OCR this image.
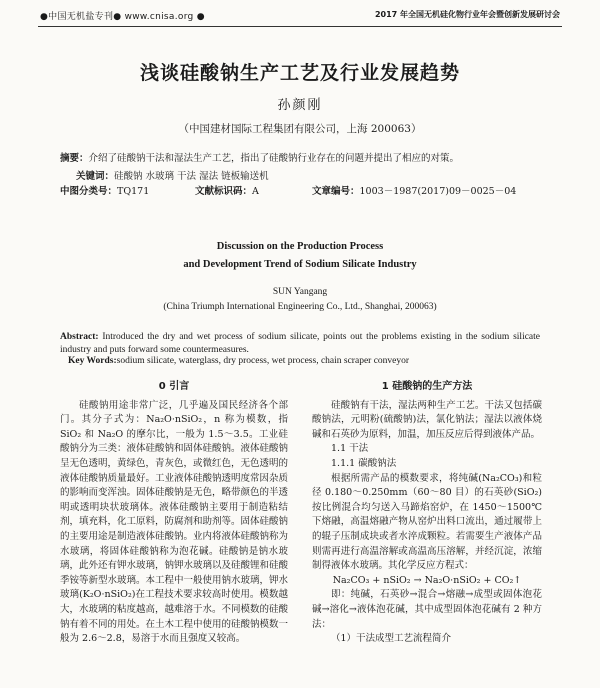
●中国无机盐专刊● www.cnisa.org ●	2017 年全国无机硅化物行业年会暨创新发展研讨会
浅谈硅酸钠生产工艺及行业发展趋势
孙颜刚
（中国建材国际工程集团有限公司，上海 200063）
摘要：介绍了硅酸钠干法和湿法生产工艺，指出了硅酸钠行业存在的问题并提出了相应的对策。
关键词：硅酸钠 水玻璃 干法 湿法 链板输送机
中图分类号：TQ171	文献标识码：A	文章编号：1003－1987(2017)09－0025－04
Discussion on the Production Process
and Development Trend of Sodium Silicate Industry
SUN Yangang
(China Triumph International Engineering Co., Ltd., Shanghai, 200063)
Abstract: Introduced the dry and wet process of sodium silicate, points out the problems existing in the sodium silicate industry and puts forward some countermeasures.
Key Words:sodium silicate, waterglass, dry process, wet process, chain scraper conveyor

0 引言

硅酸钠用途非常广泛，几乎遍及国民经济各个部门。其分子式为：Na₂O·nSiO₂，n 称为模数，指 SiO₂ 和 Na₂O 的摩尔比，一般为 1.5～3.5。工业硅酸钠分为三类：液体硅酸钠和固体硅酸钠。液体硅酸钠呈无色透明，黄绿色，青灰色，或微红色，无色透明的液体硅酸钠质量最好。工业液体硅酸钠透明度常因杂质的影响而变浑浊。固体硅酸钠是无色，略带颜色的半透明或透明块状玻璃体。液体硅酸钠主要用于制造粘结剂，填充料，化工原料，防腐剂和助剂等。固体硅酸钠的主要用途是制造液体硅酸钠。业内将液体硅酸钠称为水玻璃，将固体硅酸钠称为泡花碱。硅酸钠是钠水玻璃，此外还有钾水玻璃，钠钾水玻璃以及硅酸锂和硅酸季铵等新型水玻璃。本工程中一般使用钠水玻璃，钾水玻璃(K₂O·nSiO₂)在工程技术要求较高时使用。模数越大，水玻璃的粘度越高，越难溶于水。不同模数的硅酸钠有着不同的用处。在土木工程中使用的硅酸钠模数一般为 2.6～2.8，易溶于水而且强度又较高。

1 硅酸钠的生产方法

硅酸钠有干法，湿法两种生产工艺。干法又包括碳酸钠法，元明粉(硫酸钠)法，氯化钠法；湿法以液体烧碱和石英砂为原料，加温，加压反应后得到液体产品。

1.1 干法

1.1.1 碳酸钠法

根据所需产品的模数要求，将纯碱(Na₂CO₃)和粒径 0.180～0.250mm（60～80 目）的石英砂(SiO₂)按比例混合均匀送入马蹄焰窑炉，在 1450～1500℃下熔融，高温熔融产物从窑炉出料口流出，通过履带上的辊子压制成块或者水淬成颗粒。若需要生产液体产品则需再进行高温溶解或高温高压溶解，并经沉淀，浓缩制得液体水玻璃。其化学反应方程式：

Na₂CO₃ + nSiO₂ → Na₂O·nSiO₂ + CO₂↑

即：纯碱，石英砂→混合→熔融→成型或固体泡花碱→溶化→液体泡花碱，其中成型固体泡花碱有 2 种方法：

（1）干法成型工艺流程简介
